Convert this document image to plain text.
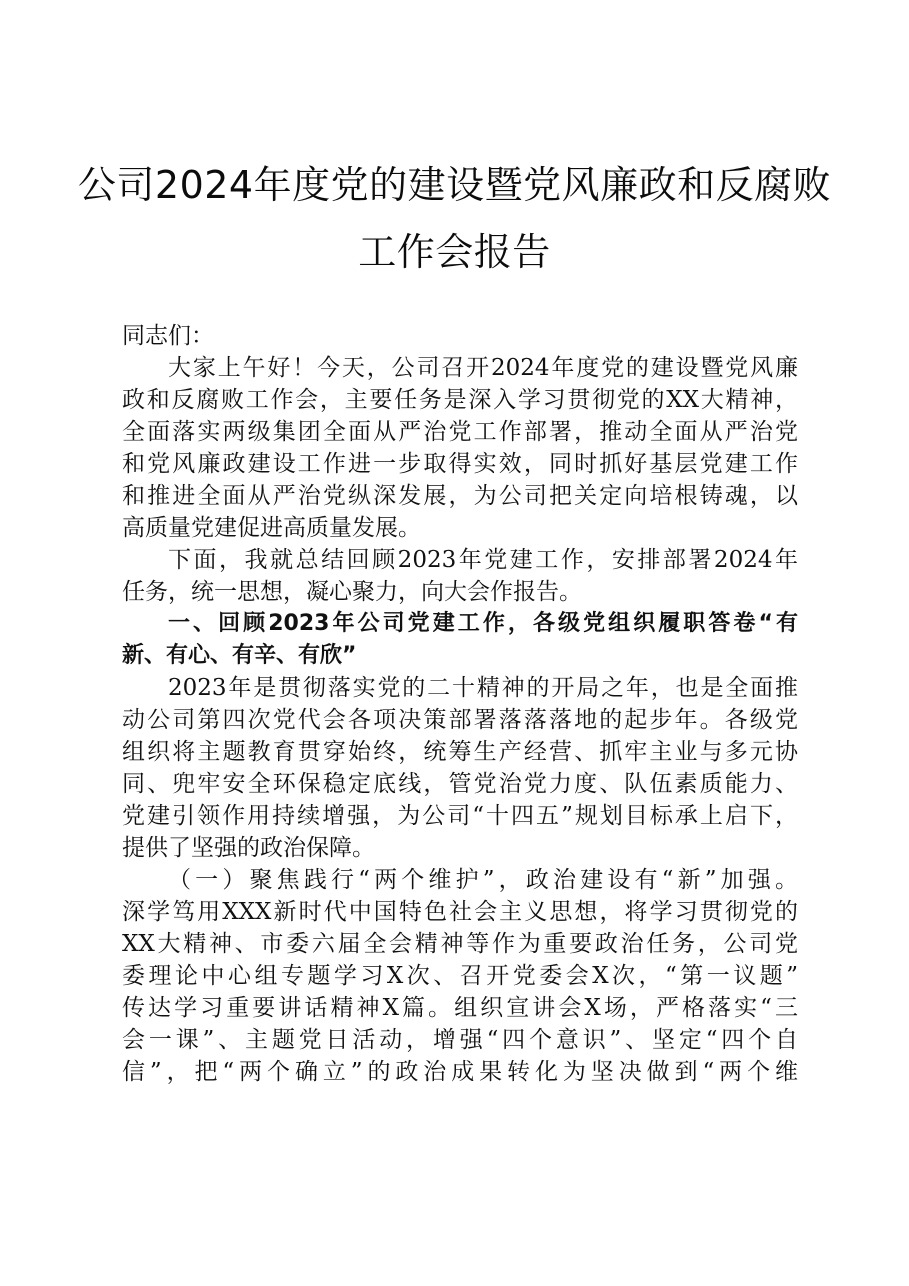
公司2024年度党的建设暨党风廉政和反腐败
工作会报告
同志们：
大家上午好！今天，公司召开2024年度党的建设暨党风廉
政和反腐败工作会，主要任务是深入学习贯彻党的XX大精神，
全面落实两级集团全面从严治党工作部署，推动全面从严治党
和党风廉政建设工作进一步取得实效，同时抓好基层党建工作
和推进全面从严治党纵深发展，为公司把关定向培根铸魂，以
高质量党建促进高质量发展。
下面，我就总结回顾2023年党建工作，安排部署2024年
任务，统一思想，凝心聚力，向大会作报告。
一、回顾2023年公司党建工作，各级党组织履职答卷“有
新、有心、有辛、有欣”
2023年是贯彻落实党的二十精神的开局之年，也是全面推
动公司第四次党代会各项决策部署落落落地的起步年。各级党
组织将主题教育贯穿始终，统筹生产经营、抓牢主业与多元协
同、兜牢安全环保稳定底线，管党治党力度、队伍素质能力、
党建引领作用持续增强，为公司“十四五”规划目标承上启下，
提供了坚强的政治保障。
（一）聚焦践行“两个维护”，政治建设有“新”加强。
深学笃用XXX新时代中国特色社会主义思想，将学习贯彻党的
XX大精神、市委六届全会精神等作为重要政治任务，公司党
委理论中心组专题学习X次、召开党委会X次，“第一议题”
传达学习重要讲话精神X篇。组织宣讲会X场，严格落实“三
会一课”、主题党日活动，增强“四个意识”、坚定“四个自
信”，把“两个确立”的政治成果转化为坚决做到“两个维
